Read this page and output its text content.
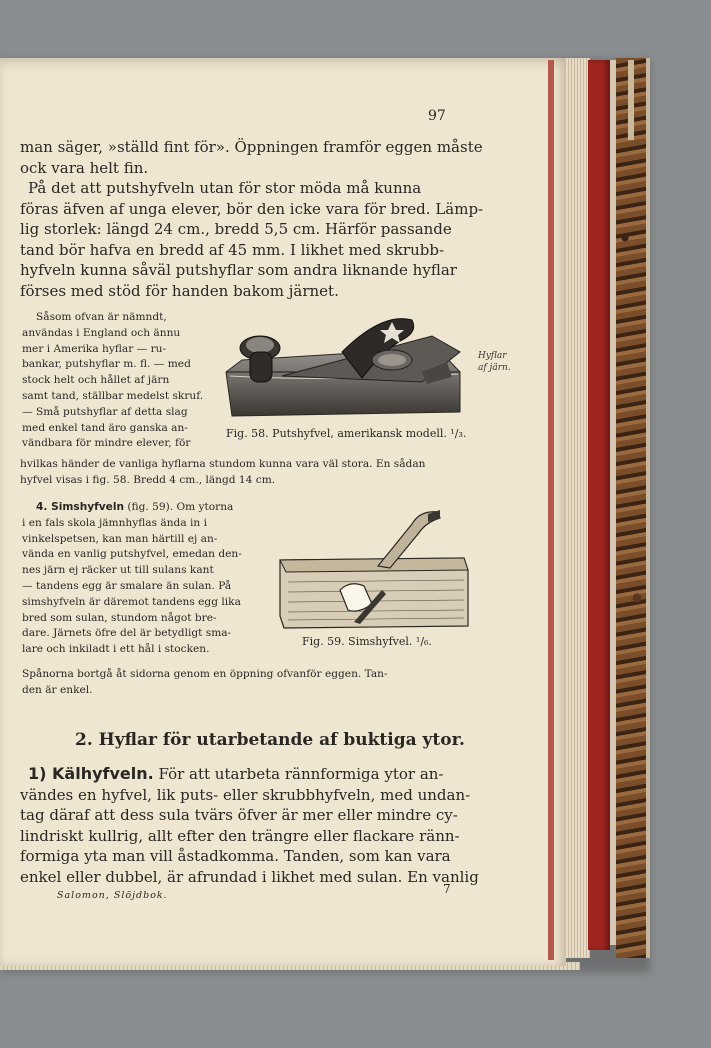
97
man säger, »ställd fint för». Öppningen framför eggen måste
ock vara helt fin.
På det att putshyfveln utan för stor möda må kunna
föras äfven af unga elever, bör den icke vara för bred. Lämp-
lig storlek: längd 24 cm., bredd 5,5 cm. Härför passande
tand bör hafva en bredd af 45 mm. I likhet med skrubb-
hyfveln kunna såväl putshyflar som andra liknande hyflar
förses med stöd för handen bakom järnet.
Såsom ofvan är nämndt,
användas i England och ännu
mer i Amerika hyflar — ru-
bankar, putshyflar m. fl. — med
stock helt och hållet af järn
samt tand, ställbar medelst skruf.
— Små putshyflar af detta slag
med enkel tand äro ganska an-
vändbara för mindre elever, för
hvilkas händer de vanliga hyflarna stundom kunna vara väl stora. En sådan
hyfvel visas i fig. 58. Bredd 4 cm., längd 14 cm.
Hyflar
af järn.
Fig. 58. Putshyfvel, amerikansk modell. ¹/₃.
4. Simshyfveln (fig. 59). Om ytorna
i en fals skola jämnhyflas ända in i
vinkelspetsen, kan man härtill ej an-
vända en vanlig putshyfvel, emedan den-
nes järn ej räcker ut till sulans kant
— tandens egg är smalare än sulan. På
simshyfveln är däremot tandens egg lika
bred som sulan, stundom något bre-
dare. Järnets öfre del är betydligt sma-
lare och inkiladt i ett hål i stocken.
Fig. 59. Simshyfvel. ¹/₆.
Spånorna bortgå åt sidorna genom en öppning ofvanför eggen. Tan-
den är enkel.
2. Hyflar för utarbetande af buktiga ytor.
1) Kälhyfveln. För att utarbeta rännformiga ytor an-
vändes en hyfvel, lik puts- eller skrubbhyfveln, med undan-
tag däraf att dess sula tvärs öfver är mer eller mindre cy-
lindriskt kullrig, allt efter den trängre eller flackare ränn-
formiga yta man vill åstadkomma. Tanden, som kan vara
enkel eller dubbel, är afrundad i likhet med sulan. En vanlig
Salomon, Slöjdbok.	7
